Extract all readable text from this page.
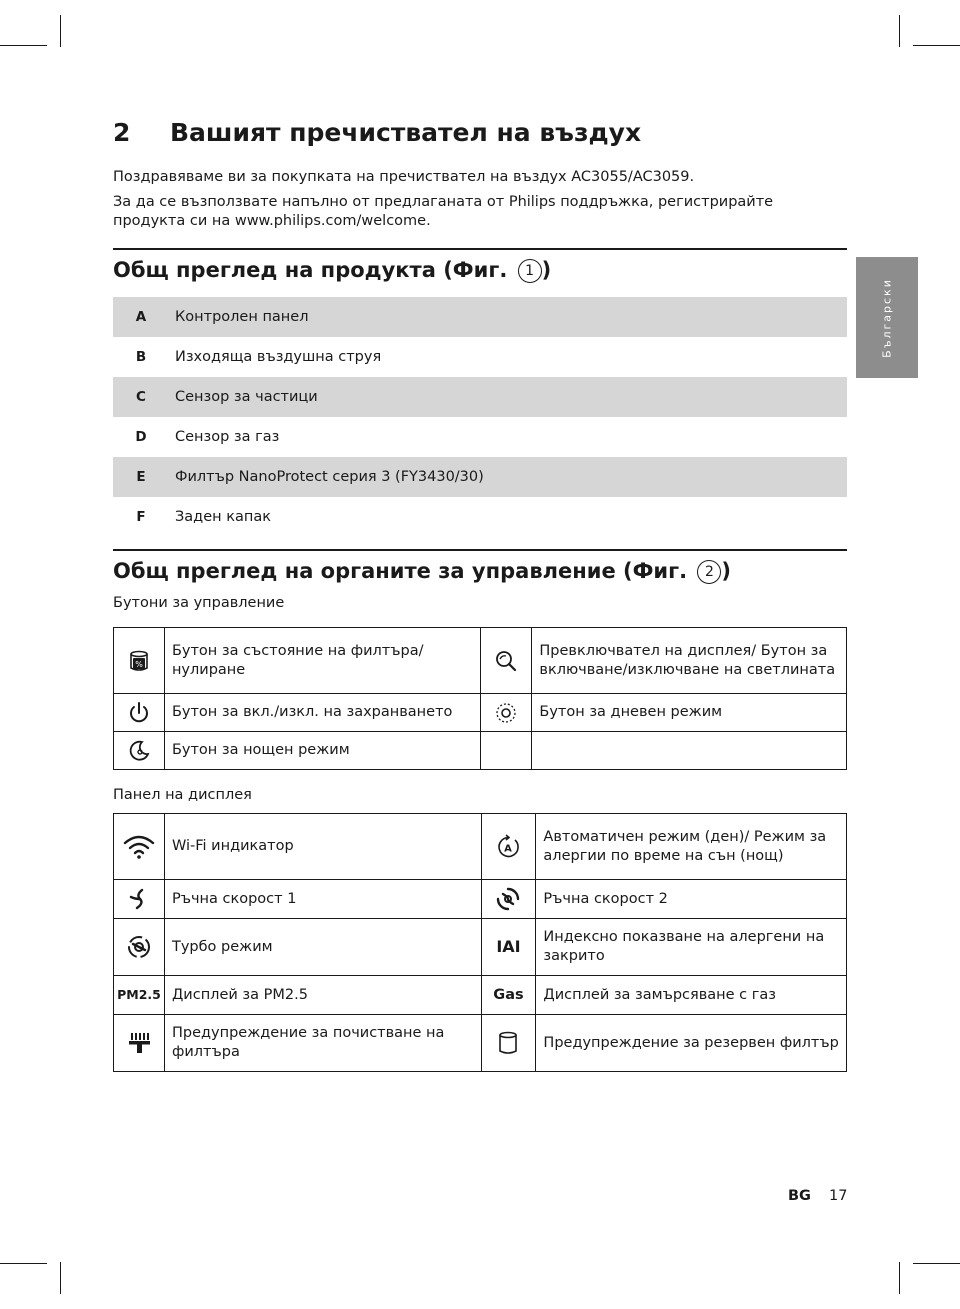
Български
2 Вашият пречиствател на въздух

Поздравяваме ви за покупката на пречиствател на въздух AC3055/AC3059.

За да се възползвате напълно от предлаганата от Philips поддръжка, регистрирайте продукта си на www.philips.com/welcome.

Общ преглед на продукта (Фиг. 1 )
A	Контролен панел
B	Изходяща въздушна струя
C	Сензор за частици
D	Сензор за газ
E	Филтър NanoProtect серия 3 (FY3430/30)
F	Заден капак
Общ преглед на органите за управление (Фиг. 2 )

Бутони за управление

%	Бутон за състояние на филтъра/ нулиране		Превключвател на дисплея/ Бутон за включване/изключване на светлината

	Бутон за вкл./изкл. на захранването		Бутон за дневен режим

	Бутон за нощен режим		

Панел на дисплея

	Wi-Fi индикатор	A	Автоматичен режим (ден)/ Режим за алергии по време на сън (нощ)

	Ръчна скорост 1		Ръчна скорост 2

	Турбо режим	IAI	Индексно показване на алергени на закрито
PM2.5	Дисплей за PM2.5	Gas	Дисплей за замърсяване с газ

	Предупреждение за почистване на филтъра		Предупреждение за резервен филтър
BG 17
